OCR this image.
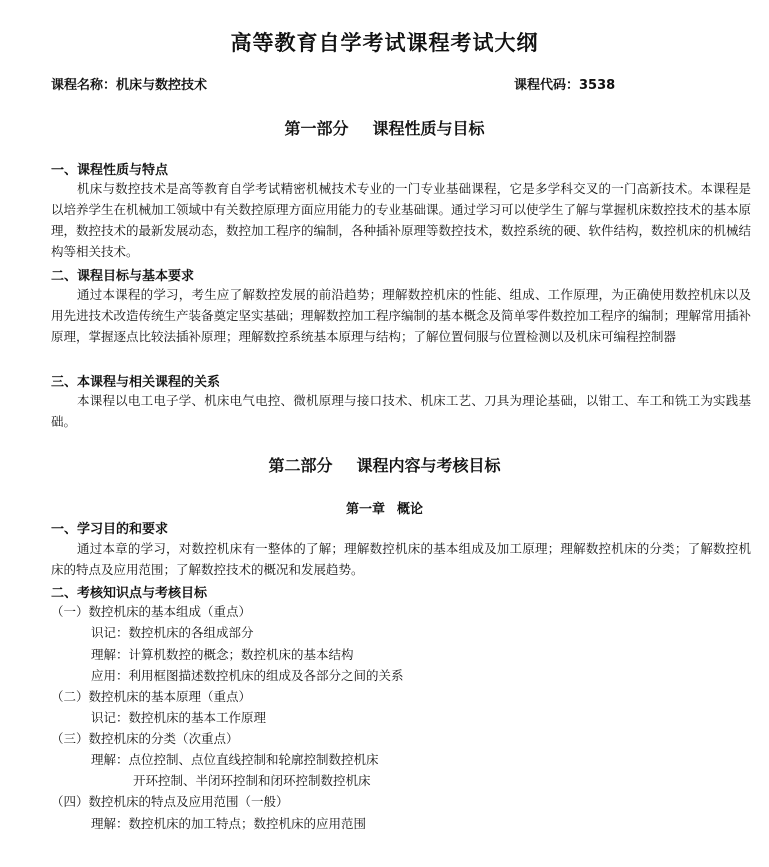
高等教育自学考试课程考试大纲
课程名称：机床与数控技术	课程代码：3538
第一部分 课程性质与目标
一、课程性质与特点

机床与数控技术是高等教育自学考试精密机械技术专业的一门专业基础课程，它是多学科交叉的一门高新技术。本课程是 以培养学生在机械加工领域中有关数控原理方面应用能力的专业基础课。通过学习可以使学生了解与掌握机床数控技术的基本原理，数控技术的最新发展动态，数控加工程序的编制，各种插补原理等数控技术，数控系统的硬、软件结构，数控机床的机械结构等相关技术。

二、课程目标与基本要求

通过本课程的学习，考生应了解数控发展的前沿趋势；理解数控机床的性能、组成、工作原理，为正确使用数控机床以及用先进技术改造传统生产装备奠定坚实基础；理解数控加工程序编制的基本概念及简单零件数控加工程序的编制；理解常用插补原理，掌握逐点比较法插补原理；理解数控系统基本原理与结构；了解位置伺服与位置检测以及机床可编程控制器

三、本课程与相关课程的关系

本课程以电工电子学、机床电气电控、微机原理与接口技术、机床工艺、刀具为理论基础，以钳工、车工和铣工为实践基础。

第二部分 课程内容与考核目标
第一章 概论
一、学习目的和要求

通过本章的学习，对数控机床有一整体的了解；理解数控机床的基本组成及加工原理；理解数控机床的分类；了解数控机床的特点及应用范围；了解数控技术的概况和发展趋势。

二、考核知识点与考核目标
（一）数控机床的基本组成（重点）
识记：数控机床的各组成部分
理解：计算机数控的概念；数控机床的基本结构
应用：利用框图描述数控机床的组成及各部分之间的关系
（二）数控机床的基本原理（重点）
识记：数控机床的基本工作原理
（三）数控机床的分类（次重点）
理解：点位控制、点位直线控制和轮廓控制数控机床
开环控制、半闭环控制和闭环控制数控机床
（四）数控机床的特点及应用范围（一般）
理解：数控机床的加工特点；数控机床的应用范围
